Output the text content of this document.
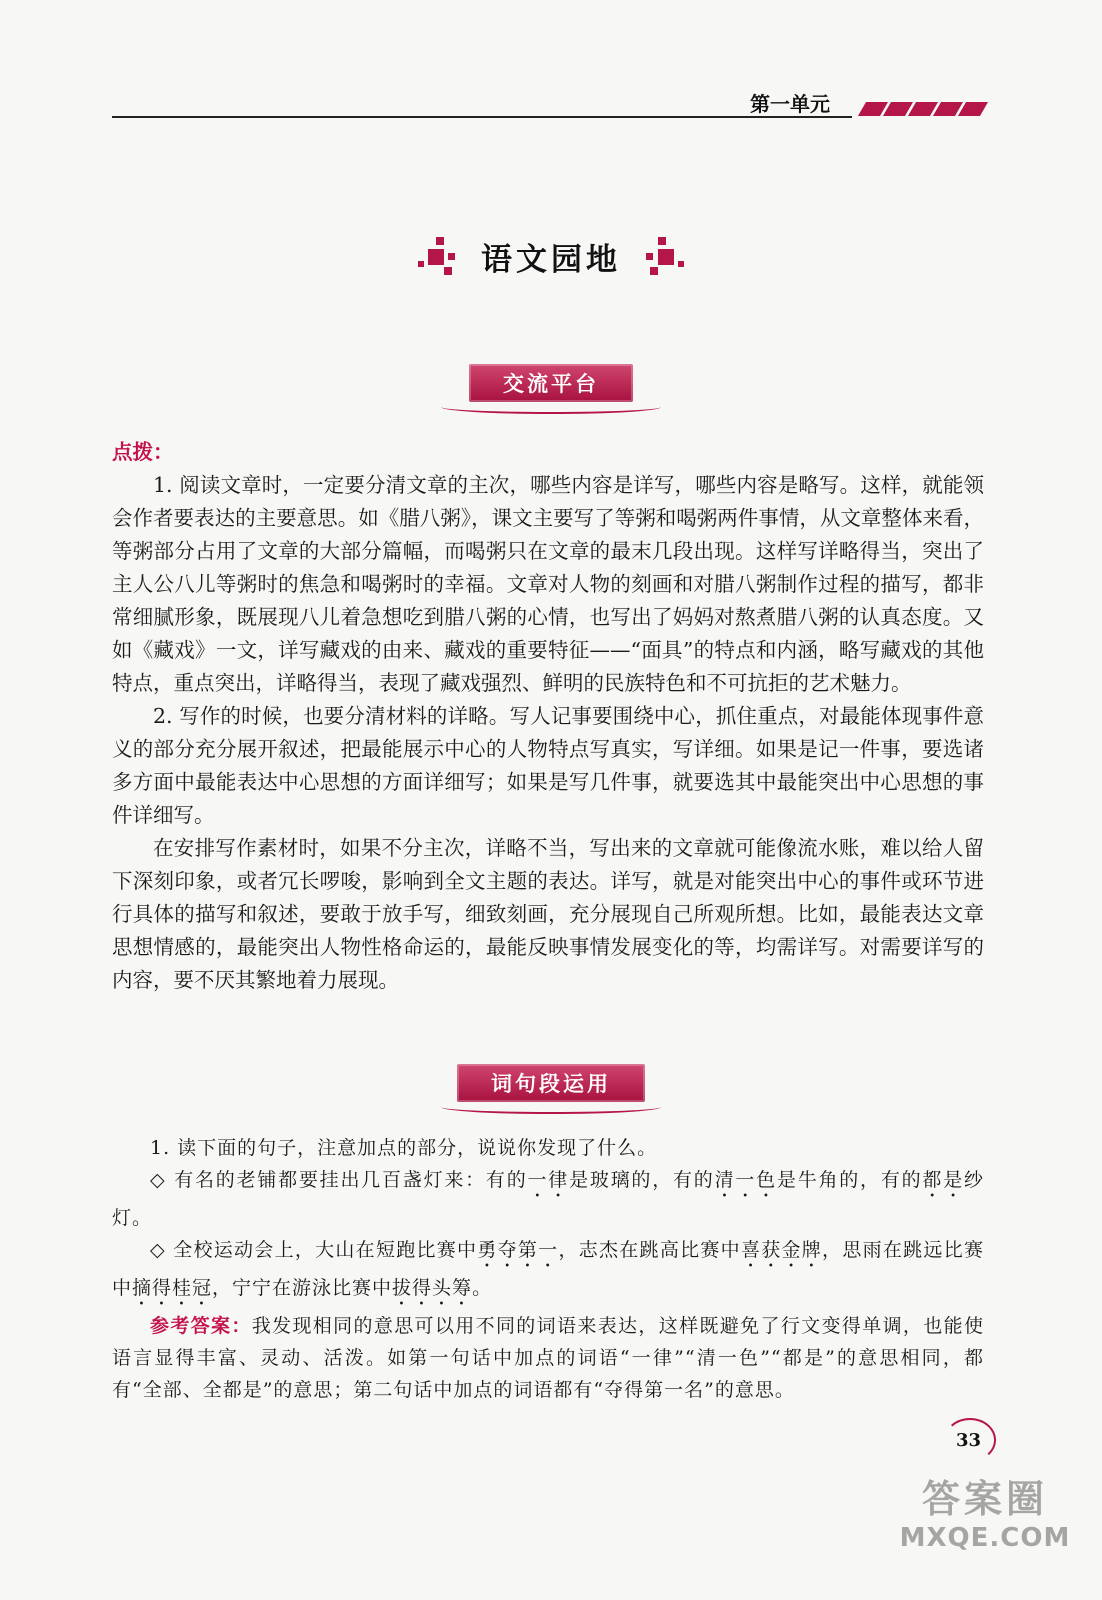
第一单元
语文园地
交流平台

点拨：

1. 阅读文章时，一定要分清文章的主次，哪些内容是详写，哪些内容是略写。这样，就能领会作者要表达的主要意思。如《腊八粥》，课文主要写了等粥和喝粥两件事情，从文章整体来看，等粥部分占用了文章的大部分篇幅，而喝粥只在文章的最末几段出现。这样写详略得当，突出了主人公八儿等粥时的焦急和喝粥时的幸福。文章对人物的刻画和对腊八粥制作过程的描写，都非常细腻形象，既展现八儿着急想吃到腊八粥的心情，也写出了妈妈对熬煮腊八粥的认真态度。又如《藏戏》一文，详写藏戏的由来、藏戏的重要特征——“面具”的特点和内涵，略写藏戏的其他特点，重点突出，详略得当，表现了藏戏强烈、鲜明的民族特色和不可抗拒的艺术魅力。

2. 写作的时候，也要分清材料的详略。写人记事要围绕中心，抓住重点，对最能体现事件意义的部分充分展开叙述，把最能展示中心的人物特点写真实，写详细。如果是记一件事，要选诸多方面中最能表达中心思想的方面详细写；如果是写几件事，就要选其中最能突出中心思想的事件详细写。

在安排写作素材时，如果不分主次，详略不当，写出来的文章就可能像流水账，难以给人留下深刻印象，或者冗长啰唆，影响到全文主题的表达。详写，就是对能突出中心的事件或环节进行具体的描写和叙述，要敢于放手写，细致刻画，充分展现自己所观所想。比如，最能表达文章思想情感的，最能突出人物性格命运的，最能反映事情发展变化的等，均需详写。对需要详写的内容，要不厌其繁地着力展现。

词句段运用

1. 读下面的句子，注意加点的部分，说说你发现了什么。

◇ 有名的老铺都要挂出几百盏灯来：有的一律是玻璃的，有的清一色是牛角的，有的都是纱灯。

◇ 全校运动会上，大山在短跑比赛中勇夺第一，志杰在跳高比赛中喜获金牌，思雨在跳远比赛中摘得桂冠，宁宁在游泳比赛中拔得头筹。

参考答案：我发现相同的意思可以用不同的词语来表达，这样既避免了行文变得单调，也能使语言显得丰富、灵动、活泼。如第一句话中加点的词语“一律”“清一色”“都是”的意思相同，都有“全部、全都是”的意思；第二句话中加点的词语都有“夺得第一名”的意思。

33
答案圈
MXQE.COM
